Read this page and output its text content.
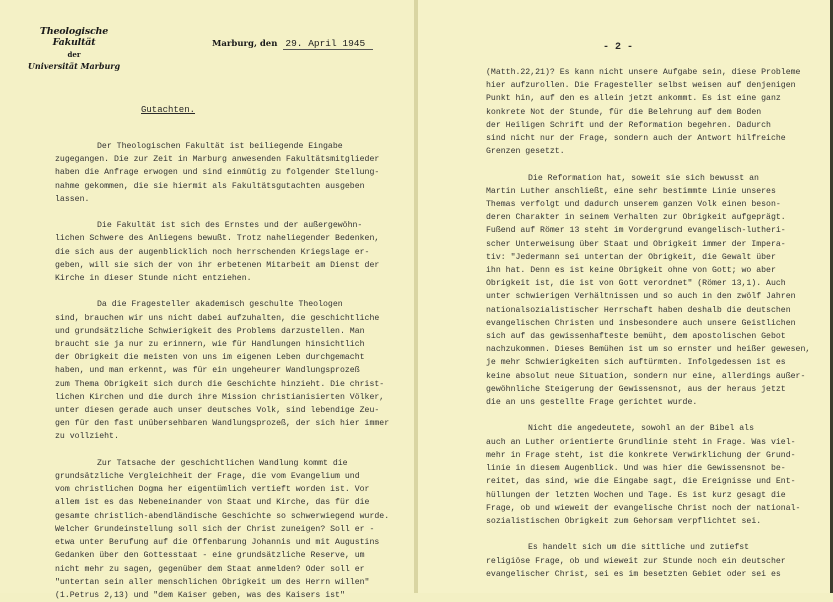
Theologische Fakultät
der
Universität Marburg
Marburg, den 29. April 1945
Gutachten.
Der Theologischen Fakultät ist beiliegende Eingabe
zugegangen. Die zur Zeit in Marburg anwesenden Fakultätsmitglieder
haben die Anfrage erwogen und sind einmütig zu folgender Stellung-
nahme gekommen, die sie hiermit als Fakultätsgutachten ausgeben
lassen.

Die Fakultät ist sich des Ernstes und der außergewöhn-
lichen Schwere des Anliegens bewußt. Trotz naheliegender Bedenken,
die sich aus der augenblicklich noch herrschenden Kriegslage er-
geben, will sie sich der von ihr erbetenen Mitarbeit am Dienst der
Kirche in dieser Stunde nicht entziehen.

Da die Fragesteller akademisch geschulte Theologen
sind, brauchen wir uns nicht dabei aufzuhalten, die geschichtliche
und grundsätzliche Schwierigkeit des Problems darzustellen. Man
braucht sie ja nur zu erinnern, wie für Handlungen hinsichtlich
der Obrigkeit die meisten von uns im eigenen Leben durchgemacht
haben, und man erkennt, was für ein ungeheurer Wandlungsprozeß
zum Thema Obrigkeit sich durch die Geschichte hinzieht. Die christ-
lichen Kirchen und die durch ihre Mission christianisierten Völker,
unter diesen gerade auch unser deutsches Volk, sind lebendige Zeu-
gen für den fast unübersehbaren Wandlungsprozeß, der sich hier immer
zu vollzieht.

Zur Tatsache der geschichtlichen Wandlung kommt die
grundsätzliche Vergleichheit der Frage, die vom Evangelium und
vom christlichen Dogma her eigentümlich vertieft worden ist. Vor
allem ist es das Nebeneinander von Staat und Kirche, das für die
gesamte christlich-abendländische Geschichte so schwerwiegend wurde.
Welcher Grundeinstellung soll sich der Christ zuneigen? Soll er -
etwa unter Berufung auf die Offenbarung Johannis und mit Augustins
Gedanken über den Gottesstaat - eine grundsätzliche Reserve, um
nicht mehr zu sagen, gegenüber dem Staat anmelden? Oder soll er
"untertan sein aller menschlichen Obrigkeit um des Herrn willen"
(1.Petrus 2,13) und "dem Kaiser geben, was des Kaisers ist"
- 2 -
(Matth.22,21)? Es kann nicht unsere Aufgabe sein, diese Probleme
hier aufzurollen. Die Fragesteller selbst weisen auf denjenigen
Punkt hin, auf den es allein jetzt ankommt. Es ist eine ganz
konkrete Not der Stunde, für die Belehrung auf dem Boden
der Heiligen Schrift und der Reformation begehren. Dadurch
sind nicht nur der Frage, sondern auch der Antwort hilfreiche
Grenzen gesetzt.

Die Reformation hat, soweit sie sich bewusst an
Martin Luther anschließt, eine sehr bestimmte Linie unseres
Themas verfolgt und dadurch unserem ganzen Volk einen beson-
deren Charakter in seinem Verhalten zur Obrigkeit aufgeprägt.
Fußend auf Römer 13 steht im Vordergrund evangelisch-lutheri-
scher Unterweisung über Staat und Obrigkeit immer der Impera-
tiv: "Jedermann sei untertan der Obrigkeit, die Gewalt über
ihn hat. Denn es ist keine Obrigkeit ohne von Gott; wo aber
Obrigkeit ist, die ist von Gott verordnet" (Römer 13,1). Auch
unter schwierigen Verhältnissen und so auch in den zwölf Jahren
nationalsozialistischer Herrschaft haben deshalb die deutschen
evangelischen Christen und insbesondere auch unsere Geistlichen
sich auf das gewissenhafteste bemüht, dem apostolischen Gebot
nachzukommen. Dieses Bemühen ist um so ernster und heißer gewesen,
je mehr Schwierigkeiten sich auftürmten. Infolgedessen ist es
keine absolut neue Situation, sondern nur eine, allerdings außer-
gewöhnliche Steigerung der Gewissensnot, aus der heraus jetzt
die an uns gestellte Frage gerichtet wurde.

Nicht die angedeutete, sowohl an der Bibel als
auch an Luther orientierte Grundlinie steht in Frage. Was viel-
mehr in Frage steht, ist die konkrete Verwirklichung der Grund-
linie in diesem Augenblick. Und was hier die Gewissensnot be-
reitet, das sind, wie die Eingabe sagt, die Ereignisse und Ent-
hüllungen der letzten Wochen und Tage. Es ist kurz gesagt die
Frage, ob und wieweit der evangelische Christ noch der national-
sozialistischen Obrigkeit zum Gehorsam verpflichtet sei.

Es handelt sich um die sittliche und zutiefst
religiöse Frage, ob und wieweit zur Stunde noch ein deutscher
evangelischer Christ, sei es im besetzten Gebiet oder sei es
